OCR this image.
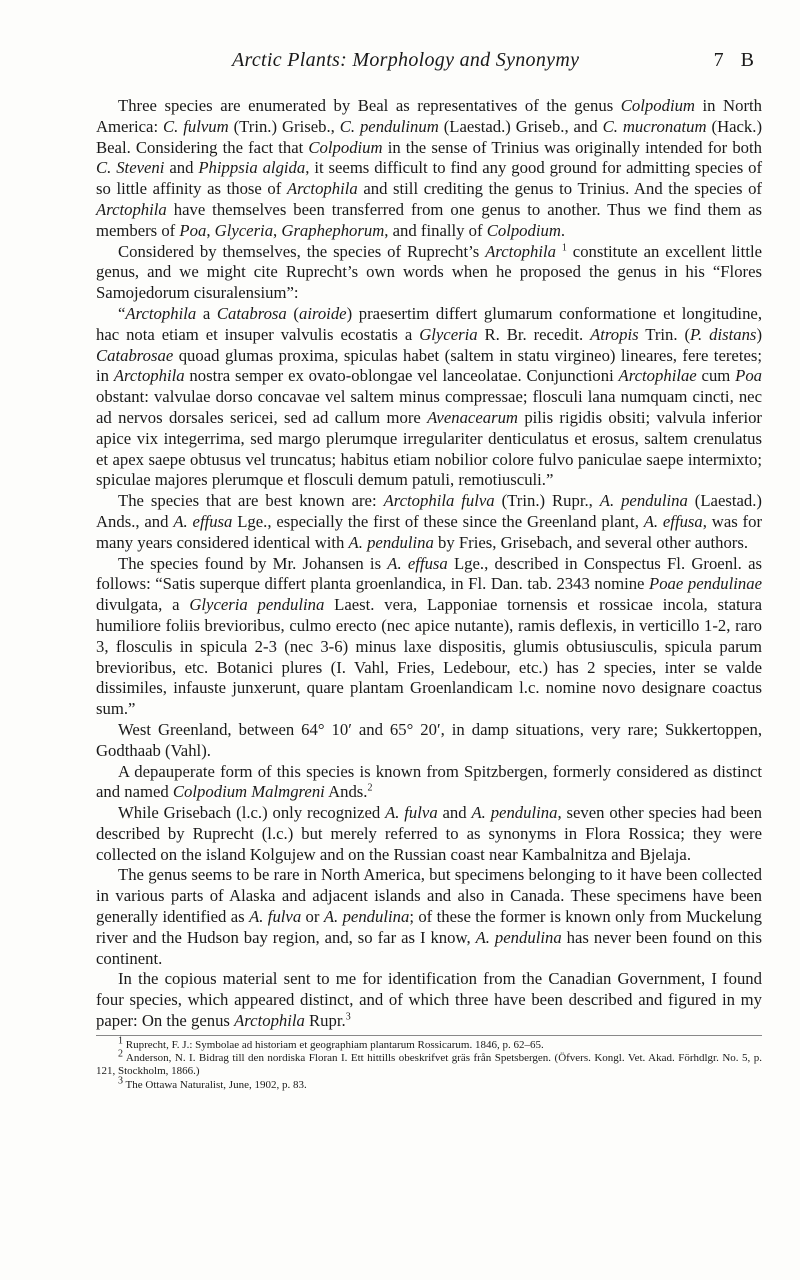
Arctic Plants: Morphology and Synonymy	7 B

Three species are enumerated by Beal as representatives of the genus Colpodium in North America: C. fulvum (Trin.) Griseb., C. pendulinum (Laestad.) Griseb., and C. mucronatum (Hack.) Beal. Considering the fact that Colpodium in the sense of Trinius was originally intended for both C. Steveni and Phippsia algida, it seems difficult to find any good ground for admitting species of so little affinity as those of Arctophila and still crediting the genus to Trinius. And the species of Arctophila have themselves been transferred from one genus to another. Thus we find them as members of Poa, Glyceria, Graphephorum, and finally of Colpodium.

Considered by themselves, the species of Ruprecht’s Arctophila $^1$ constitute an excellent little genus, and we might cite Ruprecht’s own words when he proposed the genus in his “Flores Samojedorum cisuralensium”:

“Arctophila a Catabrosa (airoide) praesertim differt glumarum conformatione et longitudine, hac nota etiam et insuper valvulis ecostatis a Glyceria R. Br. recedit. Atropis Trin. (P. distans) Catabrosae quoad glumas proxima, spiculas habet (saltem in statu virgineo) lineares, fere teretes; in Arctophila nostra semper ex ovato-oblongae vel lanceolatae. Conjunctioni Arctophilae cum Poa obstant: valvulae dorso concavae vel saltem minus compressae; flosculi lana numquam cincti, nec ad nervos dorsales sericei, sed ad callum more Avenacearum pilis rigidis obsiti; valvula inferior apice vix integerrima, sed margo plerumque irregulariter denticulatus et erosus, saltem crenulatus et apex saepe obtusus vel truncatus; habitus etiam nobilior colore fulvo paniculae saepe intermixto; spiculae majores plerumque et flosculi demum patuli, remotiusculi.”

The species that are best known are: Arctophila fulva (Trin.) Rupr., A. pendulina (Laestad.) Ands., and A. effusa Lge., especially the first of these since the Greenland plant, A. effusa, was for many years considered identical with A. pendulina by Fries, Grisebach, and several other authors.

The species found by Mr. Johansen is A. effusa Lge., described in Conspectus Fl. Groenl. as follows: “Satis superque differt planta groenlandica, in Fl. Dan. tab. 2343 nomine Poae pendulinae divulgata, a Glyceria pendulina Laest. vera, Lapponiae tornensis et rossicae incola, statura humiliore foliis brevioribus, culmo erecto (nec apice nutante), ramis deflexis, in verticillo 1-2, raro 3, flosculis in spicula 2-3 (nec 3-6) minus laxe dispositis, glumis obtusiusculis, spicula parum brevioribus, etc. Botanici plures (I. Vahl, Fries, Ledebour, etc.) has 2 species, inter se valde dissimiles, infauste junxerunt, quare plantam Groenlandicam l.c. nomine novo designare coactus sum.”

West Greenland, between 64° 10′ and 65° 20′, in damp situations, very rare; Sukkertoppen, Godthaab (Vahl).

A depauperate form of this species is known from Spitzbergen, formerly considered as distinct and named Colpodium Malmgreni Ands.$^2$

While Grisebach (l.c.) only recognized A. fulva and A. pendulina, seven other species had been described by Ruprecht (l.c.) but merely referred to as synonyms in Flora Rossica; they were collected on the island Kolgujew and on the Russian coast near Kambalnitza and Bjelaja.

The genus seems to be rare in North America, but specimens belonging to it have been collected in various parts of Alaska and adjacent islands and also in Canada. These specimens have been generally identified as A. fulva or A. pendulina; of these the former is known only from Muckelung river and the Hudson bay region, and, so far as I know, A. pendulina has never been found on this continent.

In the copious material sent to me for identification from the Canadian Government, I found four species, which appeared distinct, and of which three have been described and figured in my paper: On the genus Arctophila Rupr.$^3$

$^1$ Ruprecht, F. J.: Symbolae ad historiam et geographiam plantarum Rossicarum. 1846, p. 62–65.

$^2$ Anderson, N. I. Bidrag till den nordiska Floran I. Ett hittills obeskrifvet gräs från Spetsbergen. (Öfvers. Kongl. Vet. Akad. Förhdlgr. No. 5, p. 121, Stockholm, 1866.)

$^3$ The Ottawa Naturalist, June, 1902, p. 83.
